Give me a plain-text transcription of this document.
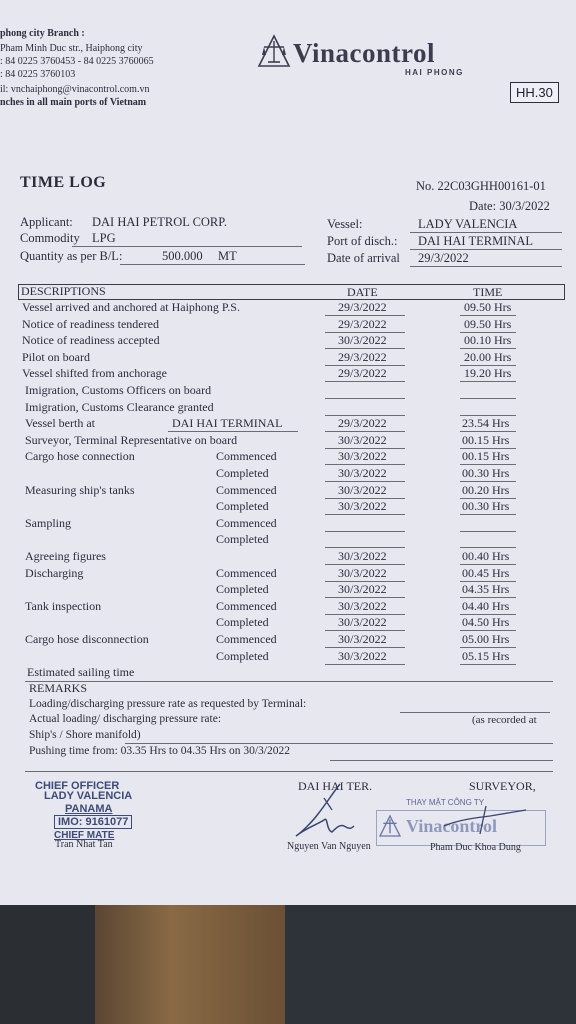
phong city Branch :
Pham Minh Duc str., Haiphong city
: 84 0225 3760453 - 84 0225 3760065
: 84 0225 3760103
il: vnchaiphong@vinacontrol.com.vn
nches in all main ports of Vietnam
Vinacontrol
HAI PHONG
HH.30
TIME LOG	No. 22C03GHH00161-01
Date: 30/3/2022
Applicant: DAI HAI PETROL CORP.
Commodity LPG
Quantity as per B/L:	500.000 MT
Vessel:	LADY VALENCIA
Port of disch.: DAI HAI TERMINAL
Date of arrival 29/3/2022
DESCRIPTIONS	DATE	TIME
Vessel arrived and anchored at Haiphong P.S.	29/3/2022	09.50 Hrs
Notice of readiness tendered	29/3/2022	09.50 Hrs
Notice of readiness accepted	30/3/2022	00.10 Hrs
Pilot on board	29/3/2022	20.00 Hrs
Vessel shifted from anchorage	29/3/2022	19.20 Hrs
Imigration, Customs Officers on board
Imigration, Customs Clearance granted
Vessel berth at	DAI HAI TERMINAL	29/3/2022	23.54 Hrs
Surveyor, Terminal Representative on board	30/3/2022	00.15 Hrs
Cargo hose connection	Commenced	30/3/2022	00.15 Hrs
Completed	30/3/2022	00.30 Hrs
Measuring ship's tanks	Commenced	30/3/2022	00.20 Hrs
Completed	30/3/2022	00.30 Hrs
Sampling	Commenced
Completed
Agreeing figures	30/3/2022	00.40 Hrs
Discharging	Commenced	30/3/2022	00.45 Hrs
Completed	30/3/2022	04.35 Hrs
Tank inspection	Commenced	30/3/2022	04.40 Hrs
Completed	30/3/2022	04.50 Hrs
Cargo hose disconnection	Commenced	30/3/2022	05.00 Hrs
Completed	30/3/2022	05.15 Hrs
Estimated sailing time
REMARKS
Loading/discharging pressure rate as requested by Terminal:
Actual loading/ discharging pressure rate:	(as recorded at
Ship's / Shore manifold)
Pushing time from: 03.35 Hrs to 04.35 Hrs on 30/3/2022
CHIEF OFFICER
LADY VALENCIA
PANAMA
IMO: 9161077
CHIEF MATE
Tran Nhat Tan
DAI HAI TER.
Nguyen Van Nguyen
SURVEYOR,
THAY MẶT CÔNG TY
Vinacontrol
Pham Duc Khoa Dung
